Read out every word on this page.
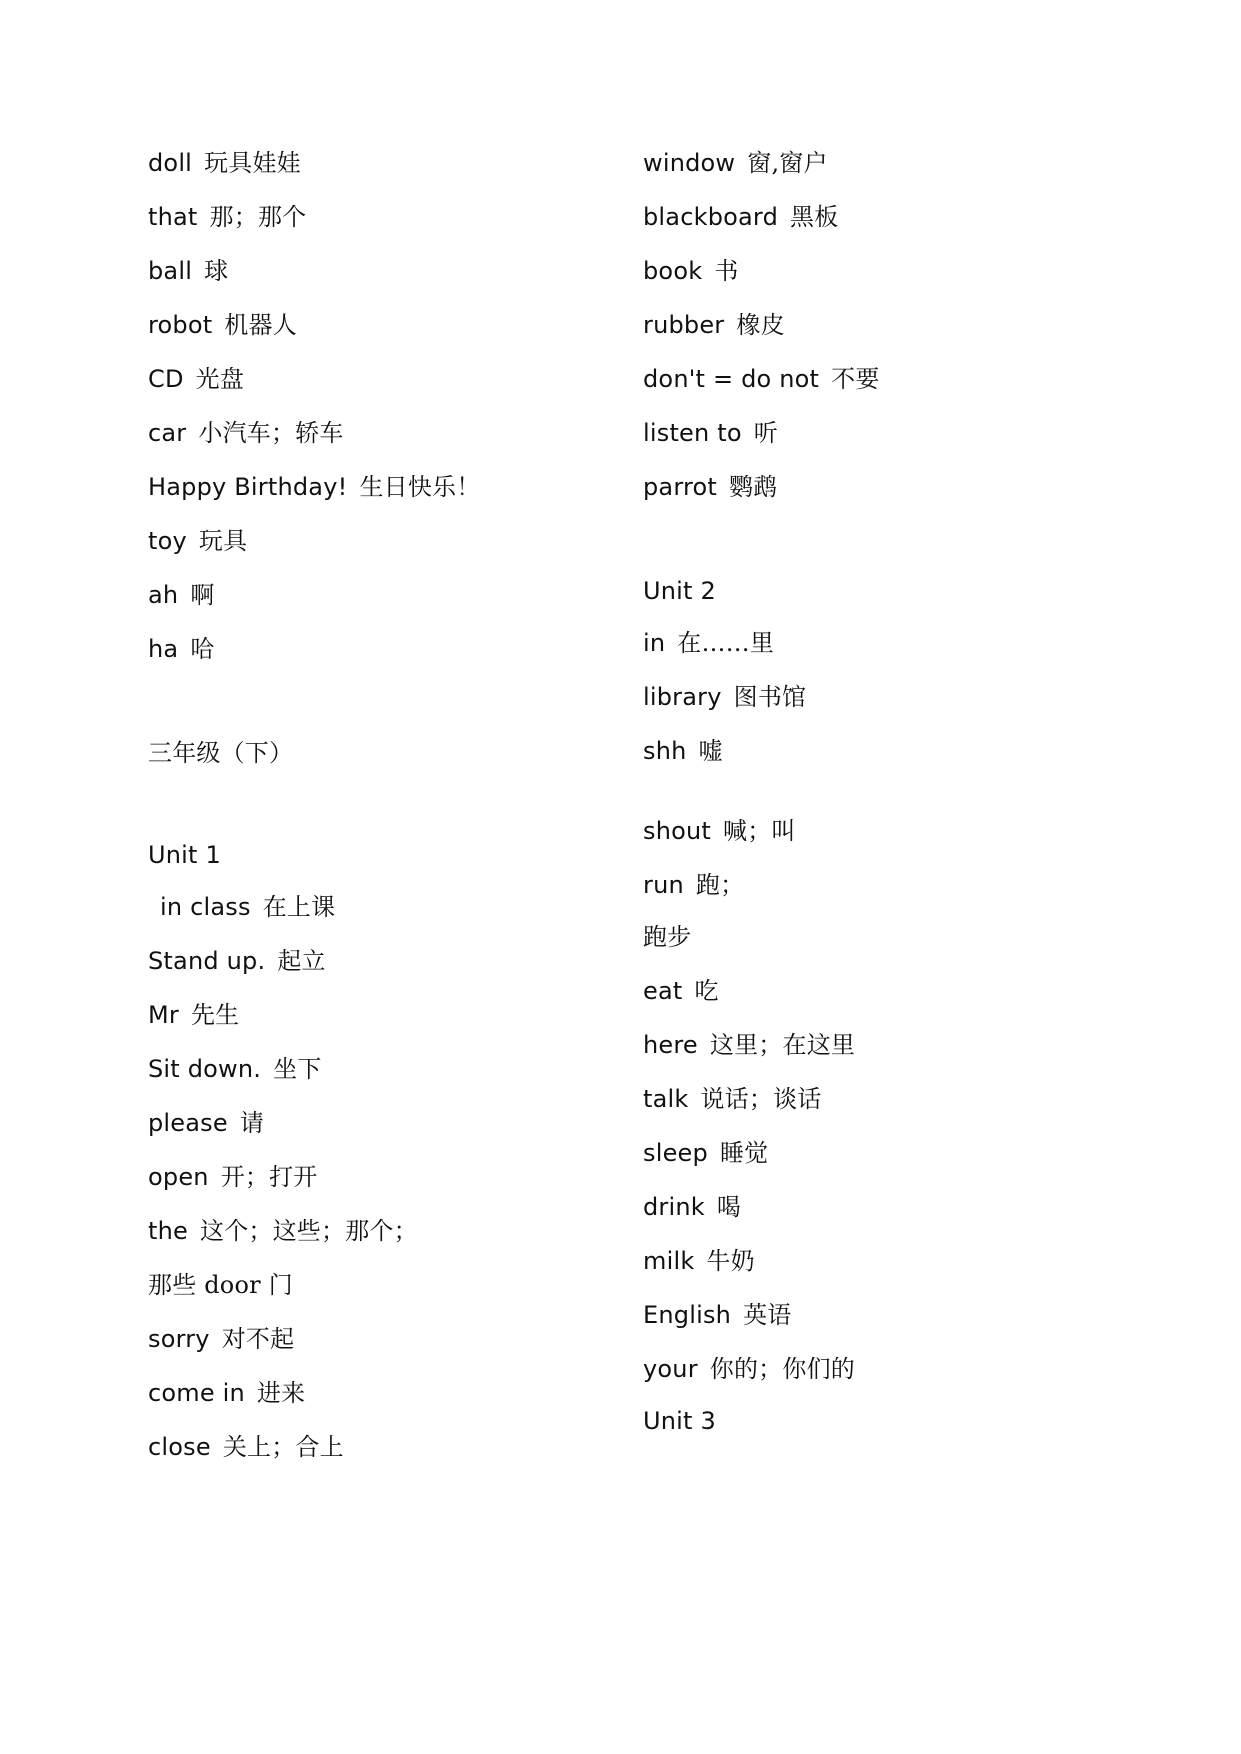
doll 玩具娃娃
that 那；那个
ball 球
robot 机器人
CD 光盘
car 小汽车；轿车
Happy Birthday! 生日快乐！
toy 玩具
ah 啊
ha 哈
三年级（下）
Unit 1
in class 在上课
Stand up. 起立
Mr 先生
Sit down. 坐下
please 请
open 开；打开
the 这个；这些；那个；
那些 door 门
sorry 对不起
come in 进来
close 关上；合上
window 窗,窗户
blackboard 黑板
book 书
rubber 橡皮
don't = do not 不要
listen to 听
parrot 鹦鹉
Unit 2
in 在……里
library 图书馆
shh 嘘
shout 喊；叫
run 跑；
跑步
eat 吃
here 这里；在这里
talk 说话；谈话
sleep 睡觉
drink 喝
milk 牛奶
English 英语
your 你的；你们的
Unit 3
